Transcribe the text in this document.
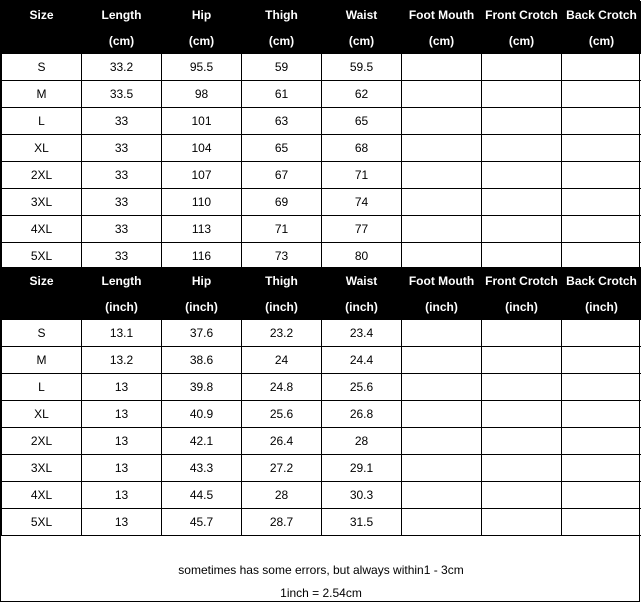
Size	Length	Hip	Thigh	Waist	Foot Mouth	Front Crotch	Back Crotch
	(cm)	(cm)	(cm)	(cm)	(cm)	(cm)	(cm)
S	33.2	95.5	59	59.5			
M	33.5	98	61	62			
L	33	101	63	65			
XL	33	104	65	68			
2XL	33	107	67	71			
3XL	33	110	69	74			
4XL	33	113	71	77			
5XL	33	116	73	80			
Size	Length	Hip	Thigh	Waist	Foot Mouth	Front Crotch	Back Crotch
	(inch)	(inch)	(inch)	(inch)	(inch)	(inch)	(inch)
S	13.1	37.6	23.2	23.4			
M	13.2	38.6	24	24.4			
L	13	39.8	24.8	25.6			
XL	13	40.9	25.6	26.8			
2XL	13	42.1	26.4	28			
3XL	13	43.3	27.2	29.1			
4XL	13	44.5	28	30.3			
5XL	13	45.7	28.7	31.5			
sometimes has some errors, but always within1 - 3cm
1inch = 2.54cm
